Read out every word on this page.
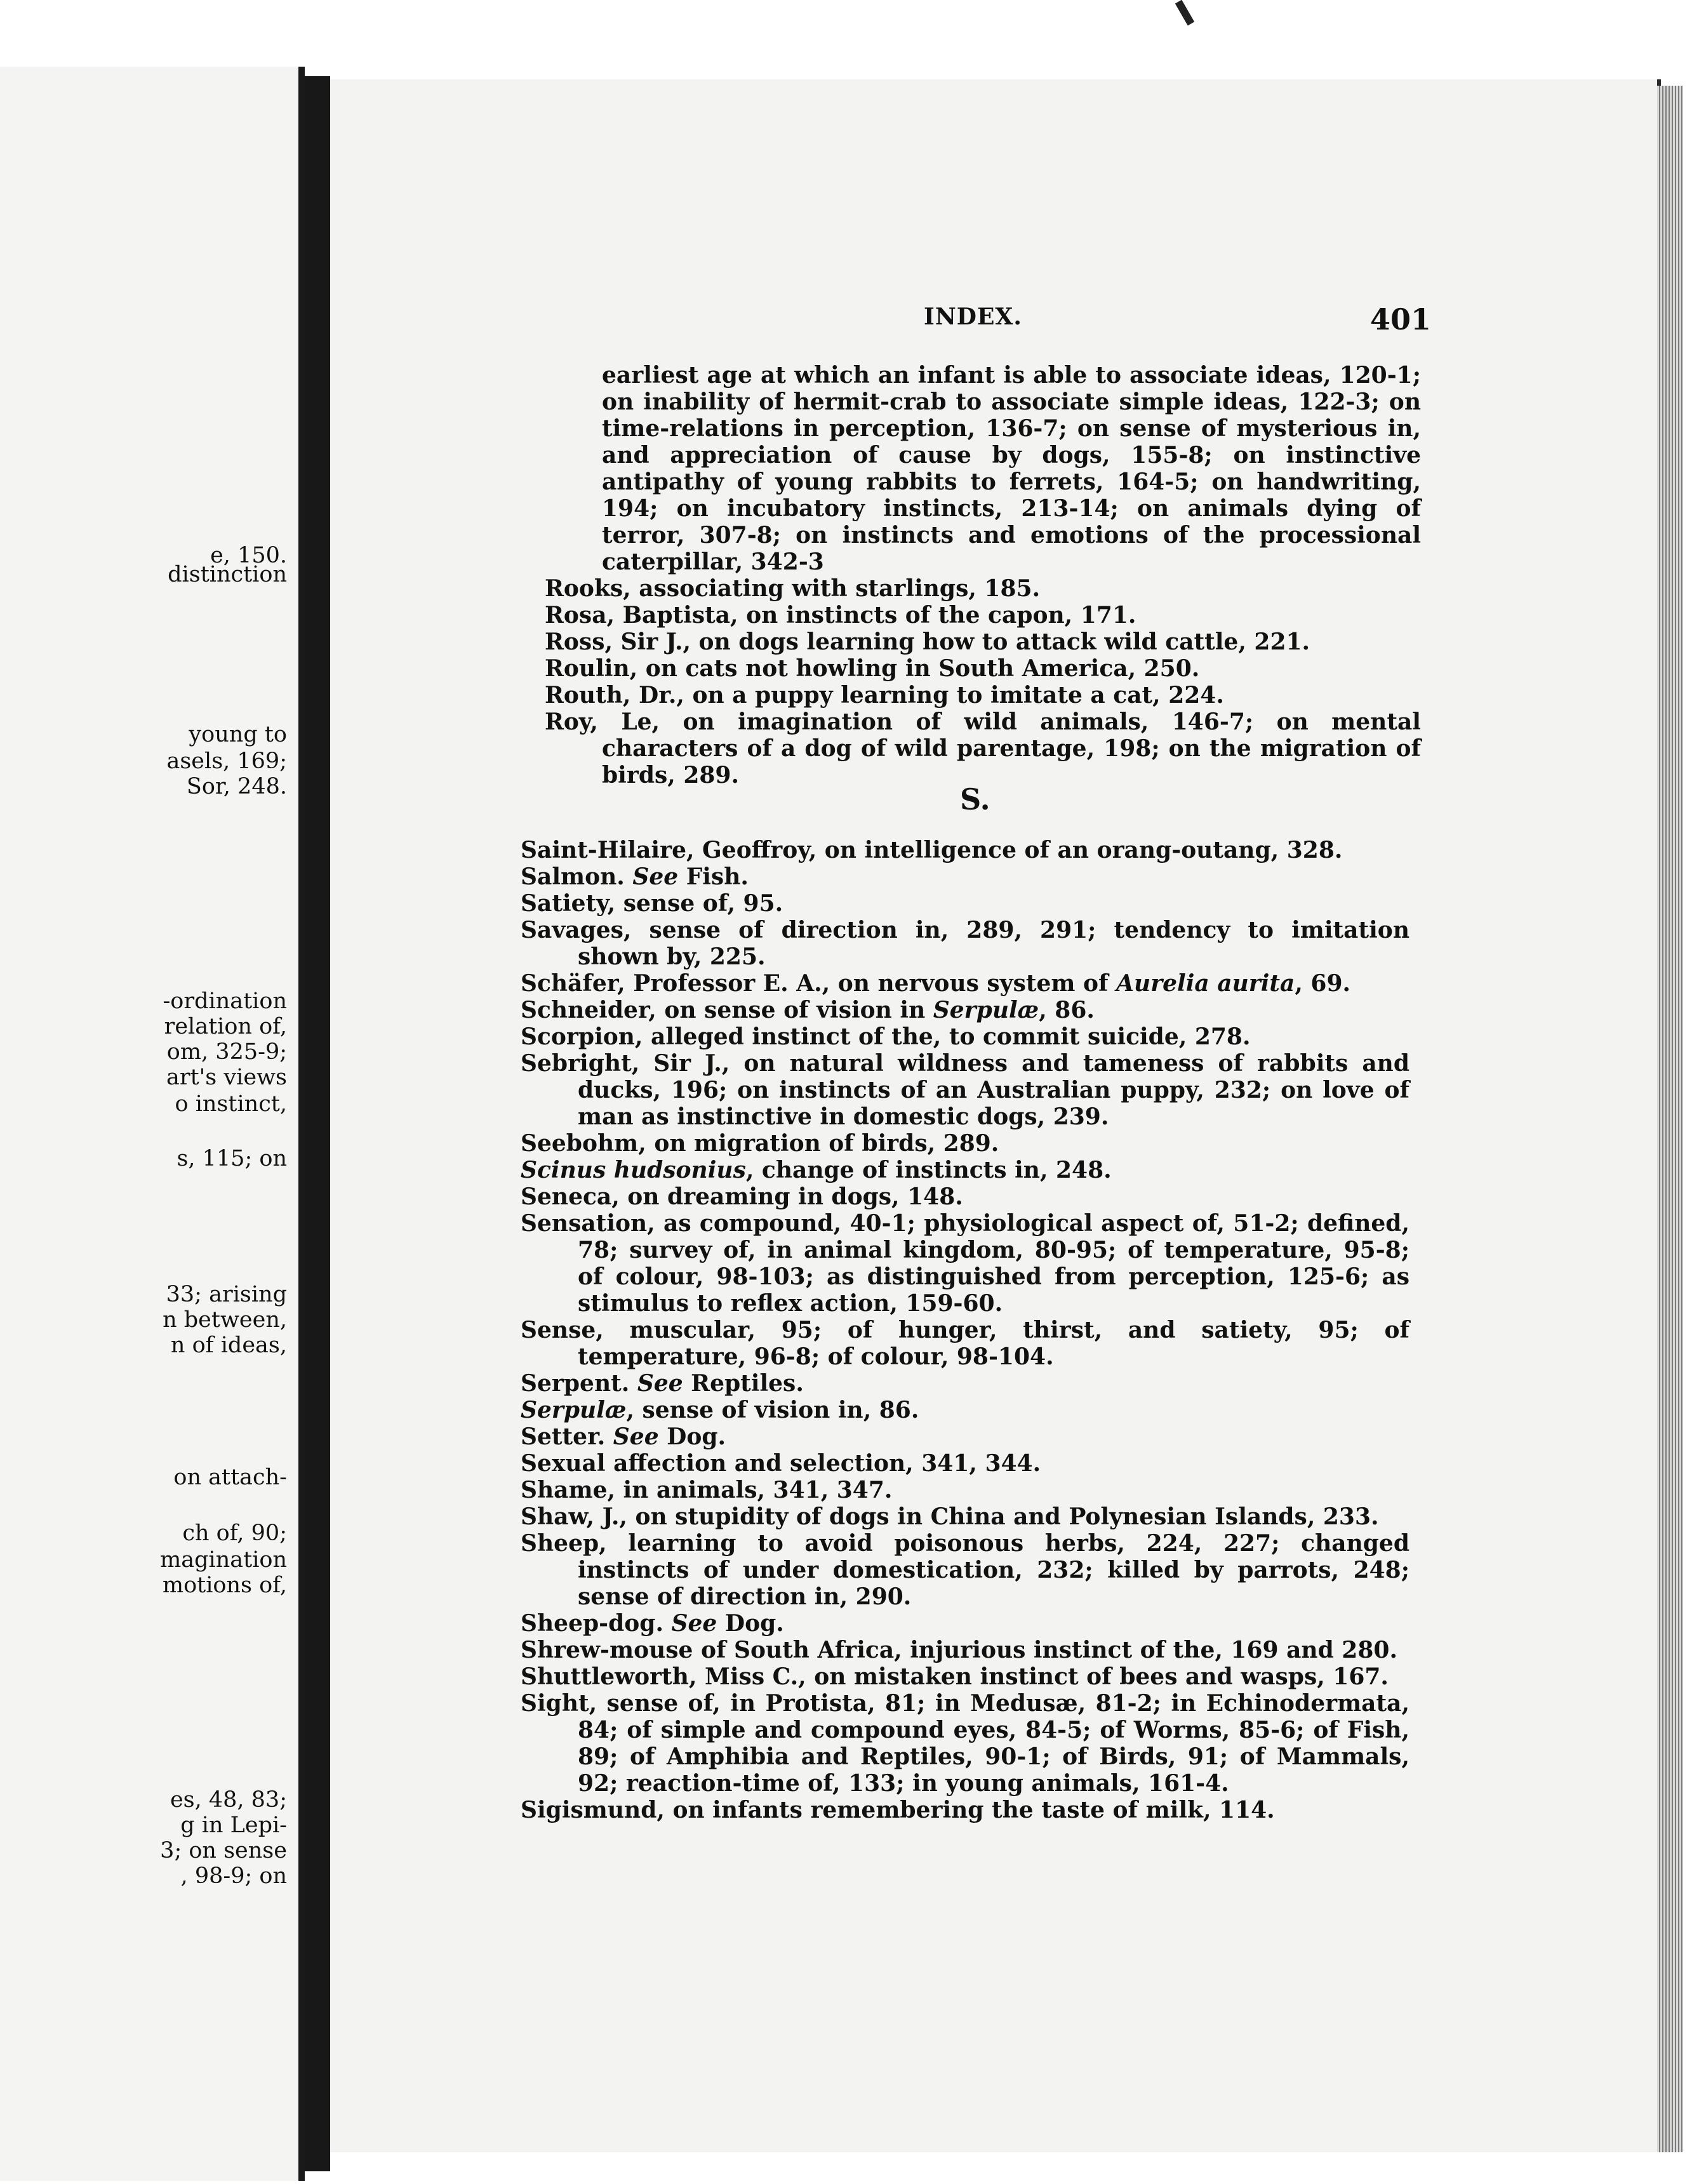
e, 150.
distinction
young to
asels, 169;
Sor, 248.
-ordination
relation of,
om, 325-9;
art's views
o instinct,
s, 115; on
33; arising
n between,
n of ideas,
on attach-
ch of, 90;
magination
motions of,
es, 48, 83;
g in Lepi-
3; on sense
, 98-9; on
INDEX.	401
earliest age at which an infant is able to associate ideas, 120-1; on inability of hermit-crab to associate simple ideas, 122-3; on time-relations in perception, 136-7; on sense of mysterious in, and appreciation of cause by dogs, 155-8; on instinctive antipathy of young rabbits to ferrets, 164-5; on handwriting, 194; on incubatory instincts, 213-14; on animals dying of terror, 307-8; on instincts and emotions of the processional caterpillar, 342-3
Rooks, associating with starlings, 185.
Rosa, Baptista, on instincts of the capon, 171.
Ross, Sir J., on dogs learning how to attack wild cattle, 221.
Roulin, on cats not howling in South America, 250.
Routh, Dr., on a puppy learning to imitate a cat, 224.
Roy, Le, on imagination of wild animals, 146-7; on mental characters of a dog of wild parentage, 198; on the migration of birds, 289.
S.
Saint-Hilaire, Geoffroy, on intelligence of an orang-outang, 328.
Salmon. See Fish.
Satiety, sense of, 95.
Savages, sense of direction in, 289, 291; tendency to imitation shown by, 225.
Schäfer, Professor E. A., on nervous system of Aurelia aurita, 69.
Schneider, on sense of vision in Serpulæ, 86.
Scorpion, alleged instinct of the, to commit suicide, 278.
Sebright, Sir J., on natural wildness and tameness of rabbits and ducks, 196; on instincts of an Australian puppy, 232; on love of man as instinctive in domestic dogs, 239.
Seebohm, on migration of birds, 289.
Scinus hudsonius, change of instincts in, 248.
Seneca, on dreaming in dogs, 148.
Sensation, as compound, 40-1; physiological aspect of, 51-2; defined, 78; survey of, in animal kingdom, 80-95; of temperature, 95-8; of colour, 98-103; as distinguished from perception, 125-6; as stimulus to reflex action, 159-60.
Sense, muscular, 95; of hunger, thirst, and satiety, 95; of temperature, 96-8; of colour, 98-104.
Serpent. See Reptiles.
Serpulæ, sense of vision in, 86.
Setter. See Dog.
Sexual affection and selection, 341, 344.
Shame, in animals, 341, 347.
Shaw, J., on stupidity of dogs in China and Polynesian Islands, 233.
Sheep, learning to avoid poisonous herbs, 224, 227; changed instincts of under domestication, 232; killed by parrots, 248; sense of direction in, 290.
Sheep-dog. See Dog.
Shrew-mouse of South Africa, injurious instinct of the, 169 and 280.
Shuttleworth, Miss C., on mistaken instinct of bees and wasps, 167.
Sight, sense of, in Protista, 81; in Medusæ, 81-2; in Echinodermata, 84; of simple and compound eyes, 84-5; of Worms, 85-6; of Fish, 89; of Amphibia and Reptiles, 90-1; of Birds, 91; of Mammals, 92; reaction-time of, 133; in young animals, 161-4.
Sigismund, on infants remembering the taste of milk, 114.
